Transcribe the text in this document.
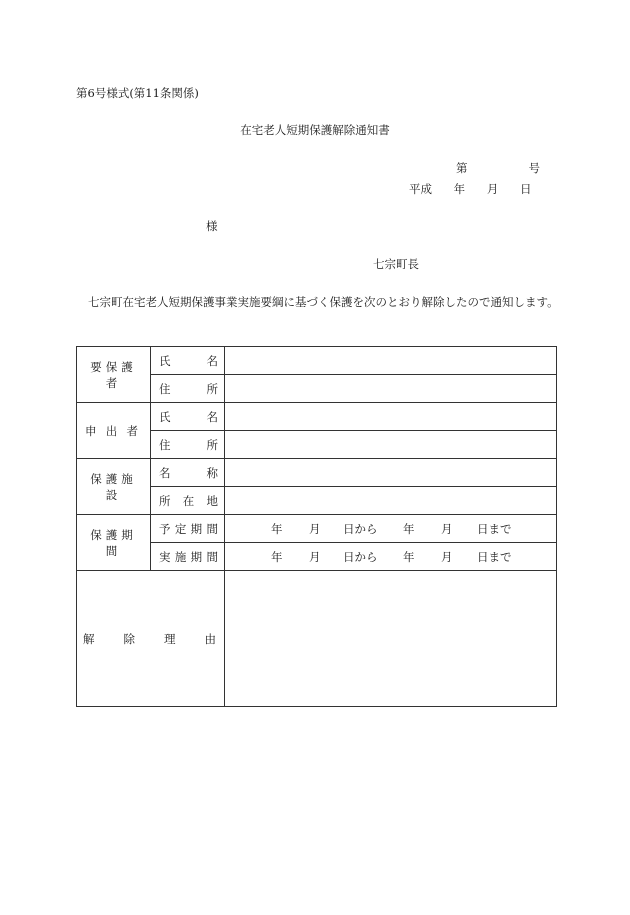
第6号様式(第11条関係)
在宅老人短期保護解除通知書
第	号
平成 年 月 日
様
七宗町長
七宗町在宅老人短期保護事業実施要綱に基づく保護を次のとおり解除したので通知します。
要保護者	氏 名	

	住 所	

申 出 者	氏 名	

	住 所	

保護施設	名 称	

	所 在 地	

保護期間	予 定 期 間	年 月 日から 年 月 日まで

	実 施 期 間	年 月 日から 年 月 日まで

解 除 理 由		
